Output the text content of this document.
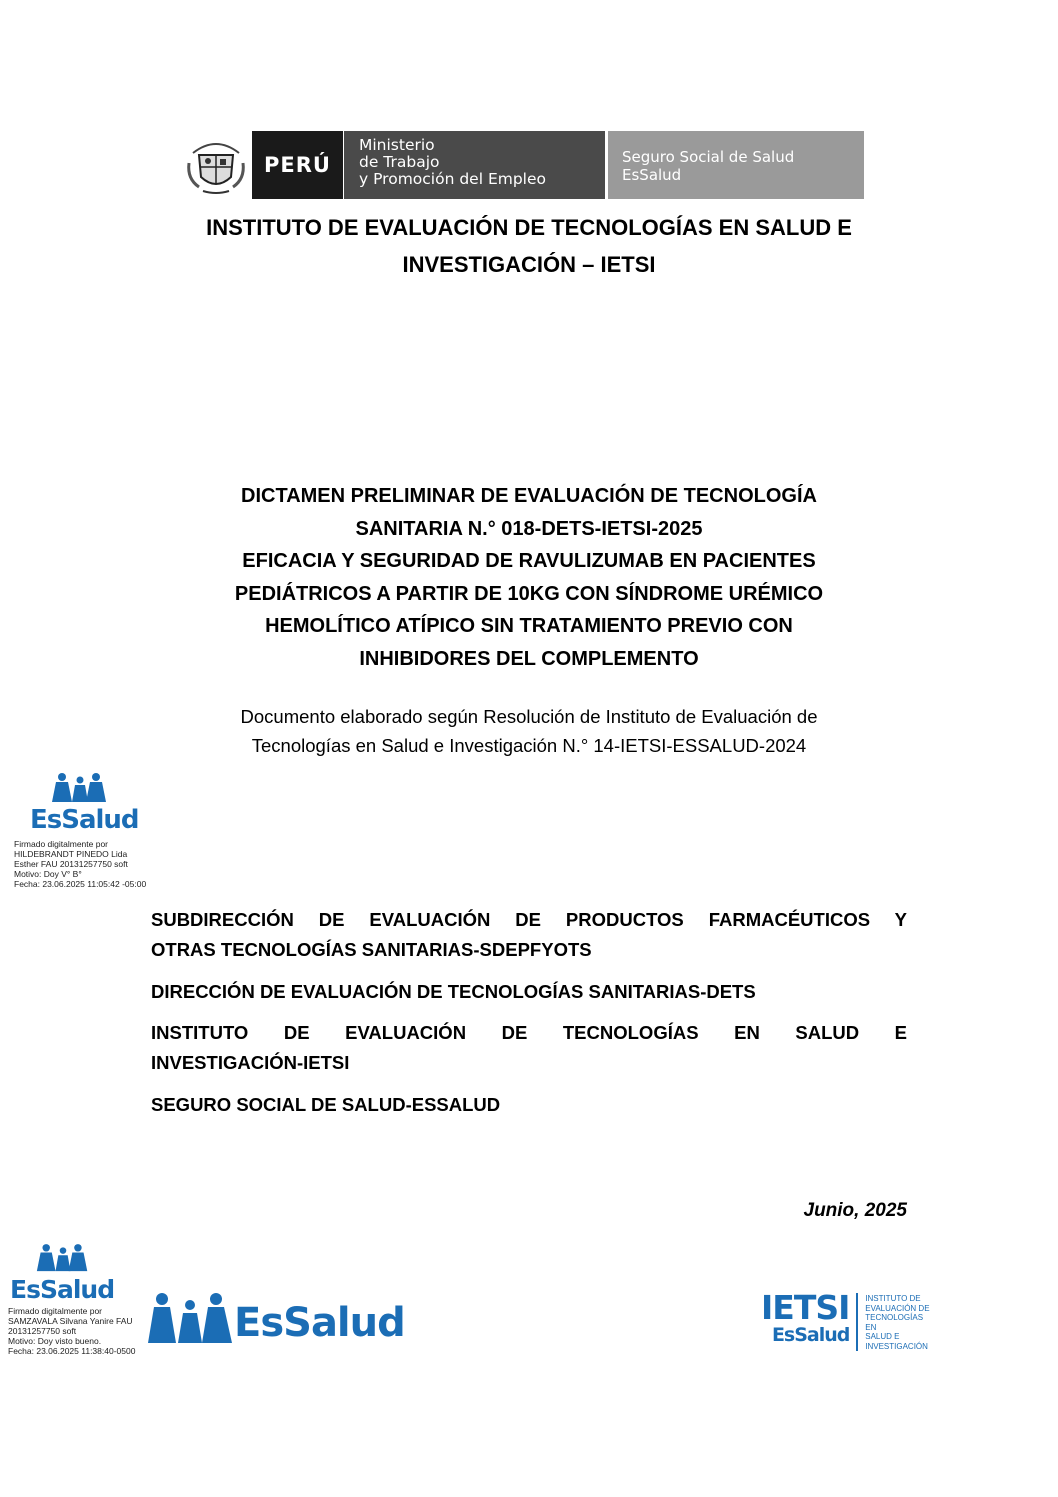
PERÚ
Ministerio
de Trabajo
y Promoción del Empleo
Seguro Social de Salud
EsSalud
INSTITUTO DE EVALUACIÓN DE TECNOLOGÍAS EN SALUD E
INVESTIGACIÓN – IETSI
DICTAMEN PRELIMINAR DE EVALUACIÓN DE TECNOLOGÍA
SANITARIA N.° 018-DETS-IETSI-2025
EFICACIA Y SEGURIDAD DE RAVULIZUMAB EN PACIENTES
PEDIÁTRICOS A PARTIR DE 10KG CON SÍNDROME URÉMICO
HEMOLÍTICO ATÍPICO SIN TRATAMIENTO PREVIO CON
INHIBIDORES DEL COMPLEMENTO
Documento elaborado según Resolución de Instituto de Evaluación de
Tecnologías en Salud e Investigación N.° 14-IETSI-ESSALUD-2024
EsSalud
Firmado digitalmente por
HILDEBRANDT PINEDO Lida
Esther FAU 20131257750 soft
Motivo: Doy V° B°
Fecha: 23.06.2025 11:05:42 -05:00
SUBDIRECCIÓN DE EVALUACIÓN DE PRODUCTOS FARMACÉUTICOS Y
OTRAS TECNOLOGÍAS SANITARIAS-SDEPFYOTS
DIRECCIÓN DE EVALUACIÓN DE TECNOLOGÍAS SANITARIAS-DETS
INSTITUTO DE EVALUACIÓN DE TECNOLOGÍAS EN SALUD E
INVESTIGACIÓN-IETSI
SEGURO SOCIAL DE SALUD-ESSALUD
Junio, 2025
EsSalud
Firmado digitalmente por
SAMZAVALA Silvana Yanire FAU
20131257750 soft
Motivo: Doy visto bueno.
Fecha: 23.06.2025 11:38:40-0500
EsSalud	IETSI
EsSalud
INSTITUTO DE
EVALUACIÓN DE
TECNOLOGÍAS EN
SALUD E
INVESTIGACIÓN
